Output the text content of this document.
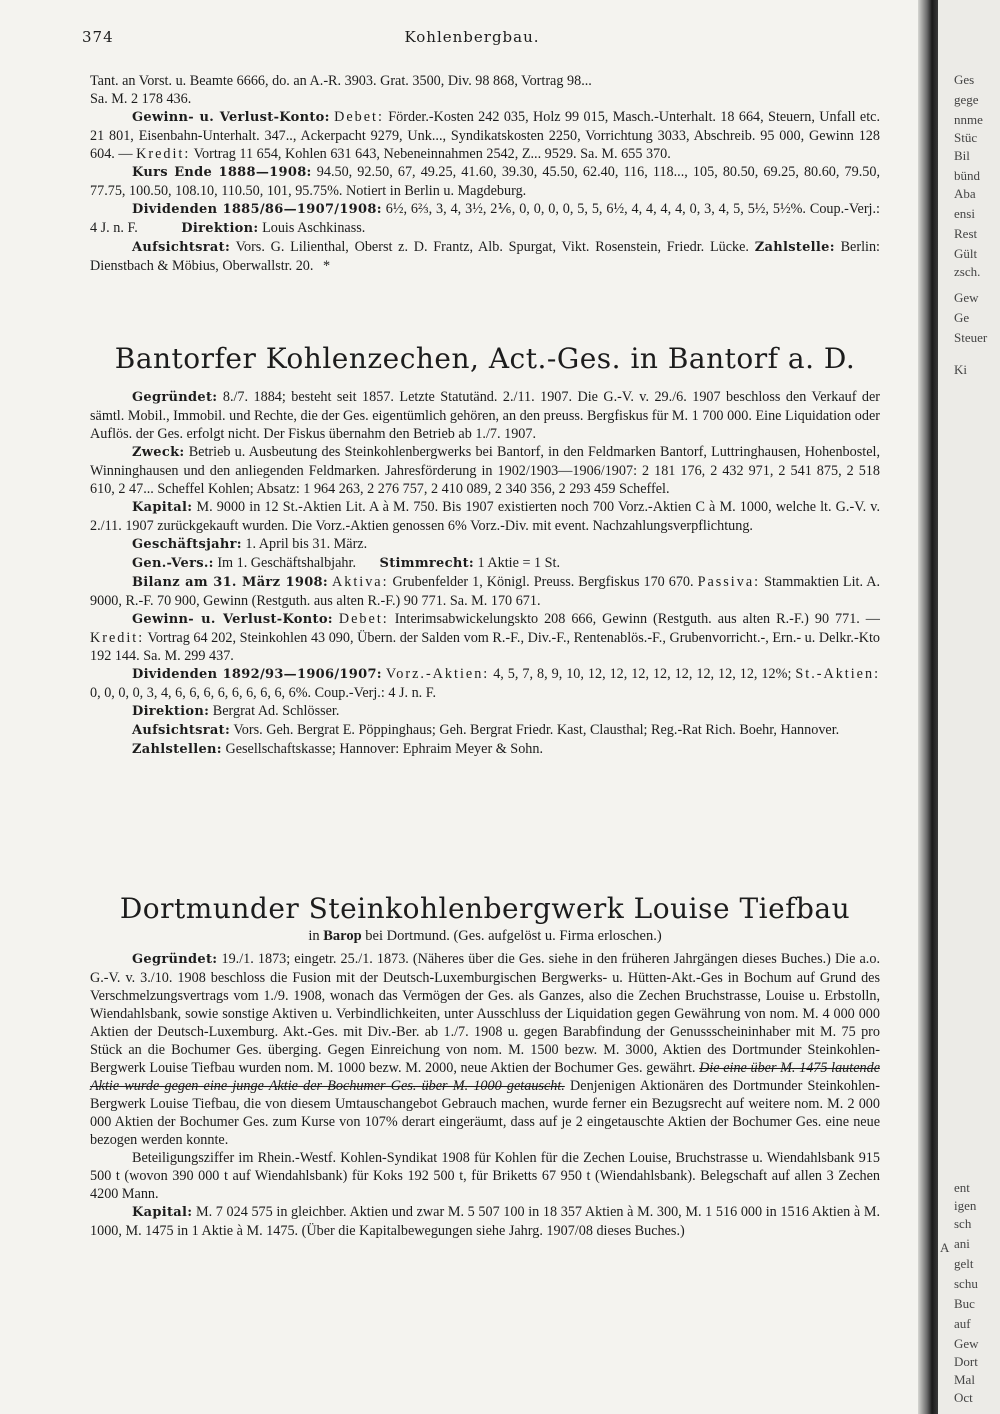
374	Kohlenbergbau.

Tant. an Vorst. u. Beamte 6666, do. an A.-R. 3903. Grat. 3500, Div. 98 868, Vortrag 98...

Sa. M. 2 178 436.

Gewinn- u. Verlust-Konto: Debet: Förder.-Kosten 242 035, Holz 99 015, Masch.-Unterhalt. 18 664, Steuern, Unfall etc. 21 801, Eisenbahn-Unterhalt. 347.., Ackerpacht 9279, Unk..., Syndikatskosten 2250, Vorrichtung 3033, Abschreib. 95 000, Gewinn 128 604. — Kredit: Vortrag 11 654, Kohlen 631 643, Nebeneinnahmen 2542, Z... 9529. Sa. M. 655 370.

Kurs Ende 1888—1908: 94.50, 92.50, 67, 49.25, 41.60, 39.30, 45.50, 62.40, 116, 118..., 105, 80.50, 69.25, 80.60, 79.50, 77.75, 100.50, 108.10, 110.50, 101, 95.75%. Notiert in Berlin u. Magdeburg.

Dividenden 1885/86—1907/1908: 6½, 6⅔, 3, 4, 3½, 2⅙, 0, 0, 0, 0, 5, 5, 6½, 4, 4, 4, 4, 0, 3, 4, 5, 5½, 5½%. Coup.-Verj.: 4 J. n. F.	Direktion: Louis Aschkinass.

Aufsichtsrat: Vors. G. Lilienthal, Oberst z. D. Frantz, Alb. Spurgat, Vikt. Rosenstein, Friedr. Lücke. Zahlstelle: Berlin: Dienstbach & Möbius, Oberwallstr. 20. *

Bantorfer Kohlenzechen, Act.-Ges. in Bantorf a. D.

Gegründet: 8./7. 1884; besteht seit 1857. Letzte Statutänd. 2./11. 1907. Die G.-V. v. 29./6. 1907 beschloss den Verkauf der sämtl. Mobil., Immobil. und Rechte, die der Ges. eigentümlich gehören, an den preuss. Bergfiskus für M. 1 700 000. Eine Liquidation oder Auflös. der Ges. erfolgt nicht. Der Fiskus übernahm den Betrieb ab 1./7. 1907.

Zweck: Betrieb u. Ausbeutung des Steinkohlenbergwerks bei Bantorf, in den Feldmarken Bantorf, Luttringhausen, Hohenbostel, Winninghausen und den anliegenden Feldmarken. Jahresförderung in 1902/1903—1906/1907: 2 181 176, 2 432 971, 2 541 875, 2 518 610, 2 47... Scheffel Kohlen; Absatz: 1 964 263, 2 276 757, 2 410 089, 2 340 356, 2 293 459 Scheffel.

Kapital: M. 9000 in 12 St.-Aktien Lit. A à M. 750. Bis 1907 existierten noch 700 Vorz.-Aktien C à M. 1000, welche lt. G.-V. v. 2./11. 1907 zurückgekauft wurden. Die Vorz.-Aktien genossen 6% Vorz.-Div. mit event. Nachzahlungsverpflichtung.

Geschäftsjahr: 1. April bis 31. März.

Gen.-Vers.: Im 1. Geschäftshalbjahr. Stimmrecht: 1 Aktie = 1 St.

Bilanz am 31. März 1908: Aktiva: Grubenfelder 1, Königl. Preuss. Bergfiskus 170 670. Passiva: Stammaktien Lit. A. 9000, R.-F. 70 900, Gewinn (Restguth. aus alten R.-F.) 90 771. Sa. M. 170 671.

Gewinn- u. Verlust-Konto: Debet: Interimsabwickelungskto 208 666, Gewinn (Restguth. aus alten R.-F.) 90 771. — Kredit: Vortrag 64 202, Steinkohlen 43 090, Übern. der Salden vom R.-F., Div.-F., Rentenablös.-F., Grubenvorricht.-, Ern.- u. Delkr.-Kto 192 144. Sa. M. 299 437.

Dividenden 1892/93—1906/1907: Vorz.-Aktien: 4, 5, 7, 8, 9, 10, 12, 12, 12, 12, 12, 12, 12, 12, 12%; St.-Aktien: 0, 0, 0, 0, 3, 4, 6, 6, 6, 6, 6, 6, 6, 6, 6%. Coup.-Verj.: 4 J. n. F.

Direktion: Bergrat Ad. Schlösser.

Aufsichtsrat: Vors. Geh. Bergrat E. Pöppinghaus; Geh. Bergrat Friedr. Kast, Clausthal; Reg.-Rat Rich. Boehr, Hannover.

Zahlstellen: Gesellschaftskasse; Hannover: Ephraim Meyer & Sohn.

Dortmunder Steinkohlenbergwerk Louise Tiefbau
in Barop bei Dortmund. (Ges. aufgelöst u. Firma erloschen.)

Gegründet: 19./1. 1873; eingetr. 25./1. 1873. (Näheres über die Ges. siehe in den früheren Jahrgängen dieses Buches.) Die a.o. G.-V. v. 3./10. 1908 beschloss die Fusion mit der Deutsch-Luxemburgischen Bergwerks- u. Hütten-Akt.-Ges in Bochum auf Grund des Verschmelzungsvertrags vom 1./9. 1908, wonach das Vermögen der Ges. als Ganzes, also die Zechen Bruchstrasse, Louise u. Erbstolln, Wiendahlsbank, sowie sonstige Aktiven u. Verbindlichkeiten, unter Ausschluss der Liquidation gegen Gewährung von nom. M. 4 000 000 Aktien der Deutsch-Luxemburg. Akt.-Ges. mit Div.-Ber. ab 1./7. 1908 u. gegen Barabfindung der Genussscheininhaber mit M. 75 pro Stück an die Bochumer Ges. überging. Gegen Einreichung von nom. M. 1500 bezw. M. 3000, Aktien des Dortmunder Steinkohlen-Bergwerk Louise Tiefbau wurden nom. M. 1000 bezw. M. 2000, neue Aktien der Bochumer Ges. gewährt. Die eine über M. 1475 lautende Aktie wurde gegen eine junge Aktie der Bochumer Ges. über M. 1000 getauscht. Denjenigen Aktionären des Dortmunder Steinkohlen-Bergwerk Louise Tiefbau, die von diesem Umtauschangebot Gebrauch machen, wurde ferner ein Bezugsrecht auf weitere nom. M. 2 000 000 Aktien der Bochumer Ges. zum Kurse von 107% derart eingeräumt, dass auf je 2 eingetauschte Aktien der Bochumer Ges. eine neue bezogen werden konnte.

Beteiligungsziffer im Rhein.-Westf. Kohlen-Syndikat 1908 für Kohlen für die Zechen Louise, Bruchstrasse u. Wiendahlsbank 915 500 t (wovon 390 000 t auf Wiendahlsbank) für Koks 192 500 t, für Briketts 67 950 t (Wiendahlsbank). Belegschaft auf allen 3 Zechen 4200 Mann.

Kapital: M. 7 024 575 in gleichber. Aktien und zwar M. 5 507 100 in 18 357 Aktien à M. 300, M. 1 516 000 in 1516 Aktien à M. 1000, M. 1475 in 1 Aktie à M. 1475. (Über die Kapitalbewegungen siehe Jahrg. 1907/08 dieses Buches.)

Ges
gege
nnme
Stüc
Bil
bünd
Aba
ensi
Rest
Gült
zsch.
Gew
Ge
Steuer
Ki
ent
igen
sch
ani
gelt
schu
Buc
auf
Gew
Dort
Mal
Oct
A
